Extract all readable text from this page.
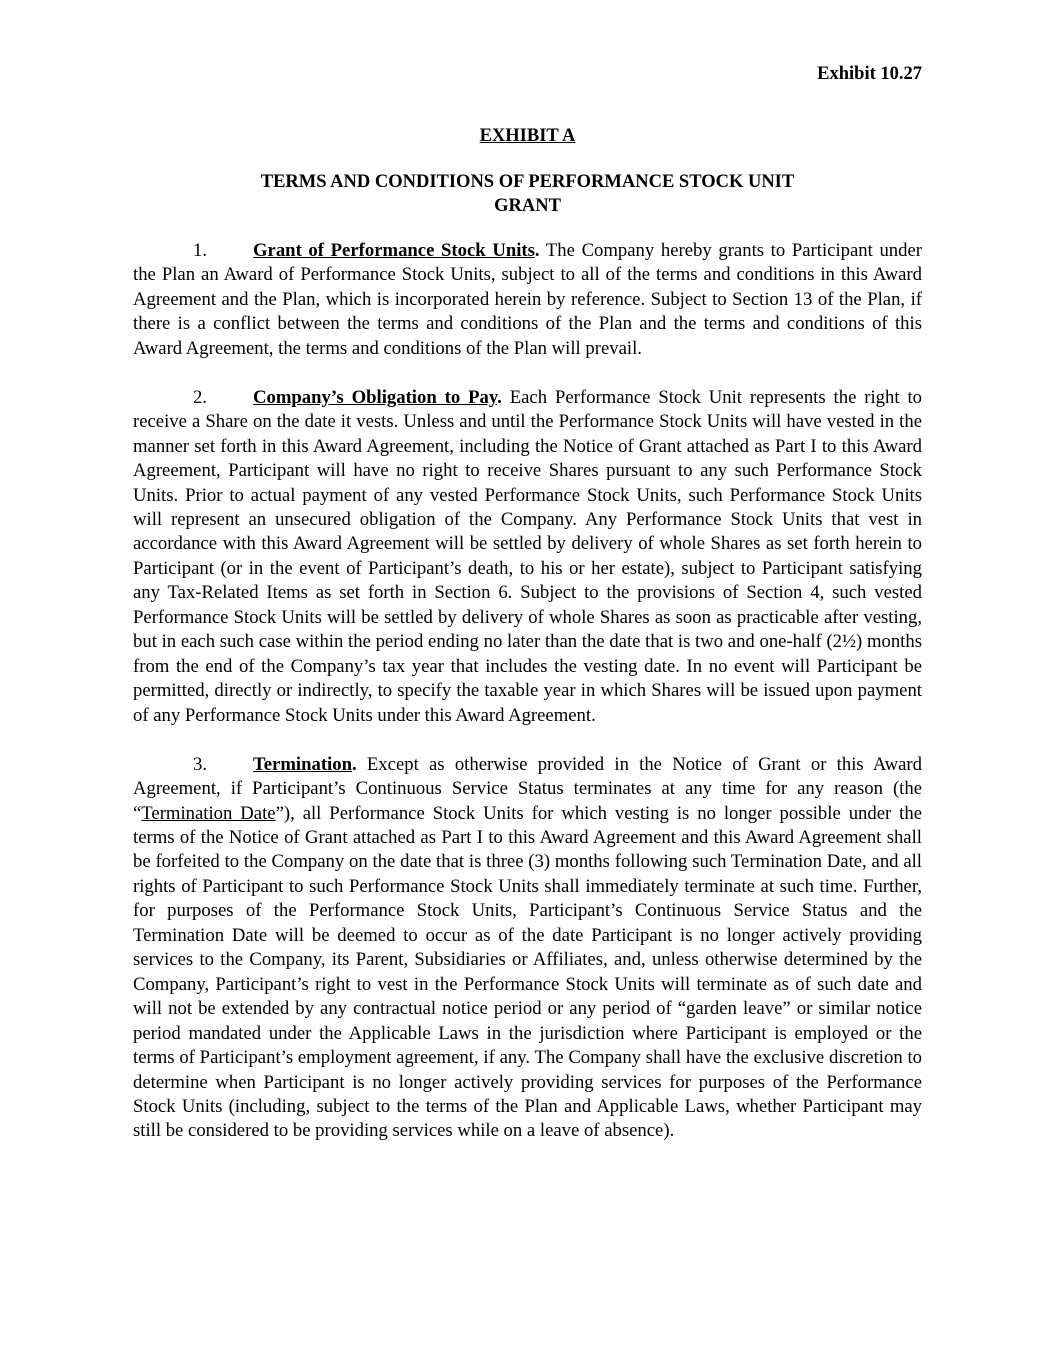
Exhibit 10.27
EXHIBIT A
TERMS AND CONDITIONS OF PERFORMANCE STOCK UNIT
GRANT

1. Grant of Performance Stock Units. The Company hereby grants to Participant under the Plan an Award of Performance Stock Units, subject to all of the terms and conditions in this Award Agreement and the Plan, which is incorporated herein by reference. Subject to Section 13 of the Plan, if there is a conflict between the terms and conditions of the Plan and the terms and conditions of this Award Agreement, the terms and conditions of the Plan will prevail.

2. Company’s Obligation to Pay. Each Performance Stock Unit represents the right to receive a Share on the date it vests. Unless and until the Performance Stock Units will have vested in the manner set forth in this Award Agreement, including the Notice of Grant attached as Part I to this Award Agreement, Participant will have no right to receive Shares pursuant to any such Performance Stock Units. Prior to actual payment of any vested Performance Stock Units, such Performance Stock Units will represent an unsecured obligation of the Company. Any Performance Stock Units that vest in accordance with this Award Agreement will be settled by delivery of whole Shares as set forth herein to Participant (or in the event of Participant’s death, to his or her estate), subject to Participant satisfying any Tax-Related Items as set forth in Section 6. Subject to the provisions of Section 4, such vested Performance Stock Units will be settled by delivery of whole Shares as soon as practicable after vesting, but in each such case within the period ending no later than the date that is two and one-half (2½) months from the end of the Company’s tax year that includes the vesting date. In no event will Participant be permitted, directly or indirectly, to specify the taxable year in which Shares will be issued upon payment of any Performance Stock Units under this Award Agreement.

3. Termination. Except as otherwise provided in the Notice of Grant or this Award Agreement, if Participant’s Continuous Service Status terminates at any time for any reason (the “Termination Date”), all Performance Stock Units for which vesting is no longer possible under the terms of the Notice of Grant attached as Part I to this Award Agreement and this Award Agreement shall be forfeited to the Company on the date that is three (3) months following such Termination Date, and all rights of Participant to such Performance Stock Units shall immediately terminate at such time. Further, for purposes of the Performance Stock Units, Participant’s Continuous Service Status and the Termination Date will be deemed to occur as of the date Participant is no longer actively providing services to the Company, its Parent, Subsidiaries or Affiliates, and, unless otherwise determined by the Company, Participant’s right to vest in the Performance Stock Units will terminate as of such date and will not be extended by any contractual notice period or any period of “garden leave” or similar notice period mandated under the Applicable Laws in the jurisdiction where Participant is employed or the terms of Participant’s employment agreement, if any. The Company shall have the exclusive discretion to determine when Participant is no longer actively providing services for purposes of the Performance Stock Units (including, subject to the terms of the Plan and Applicable Laws, whether Participant may still be considered to be providing services while on a leave of absence).
